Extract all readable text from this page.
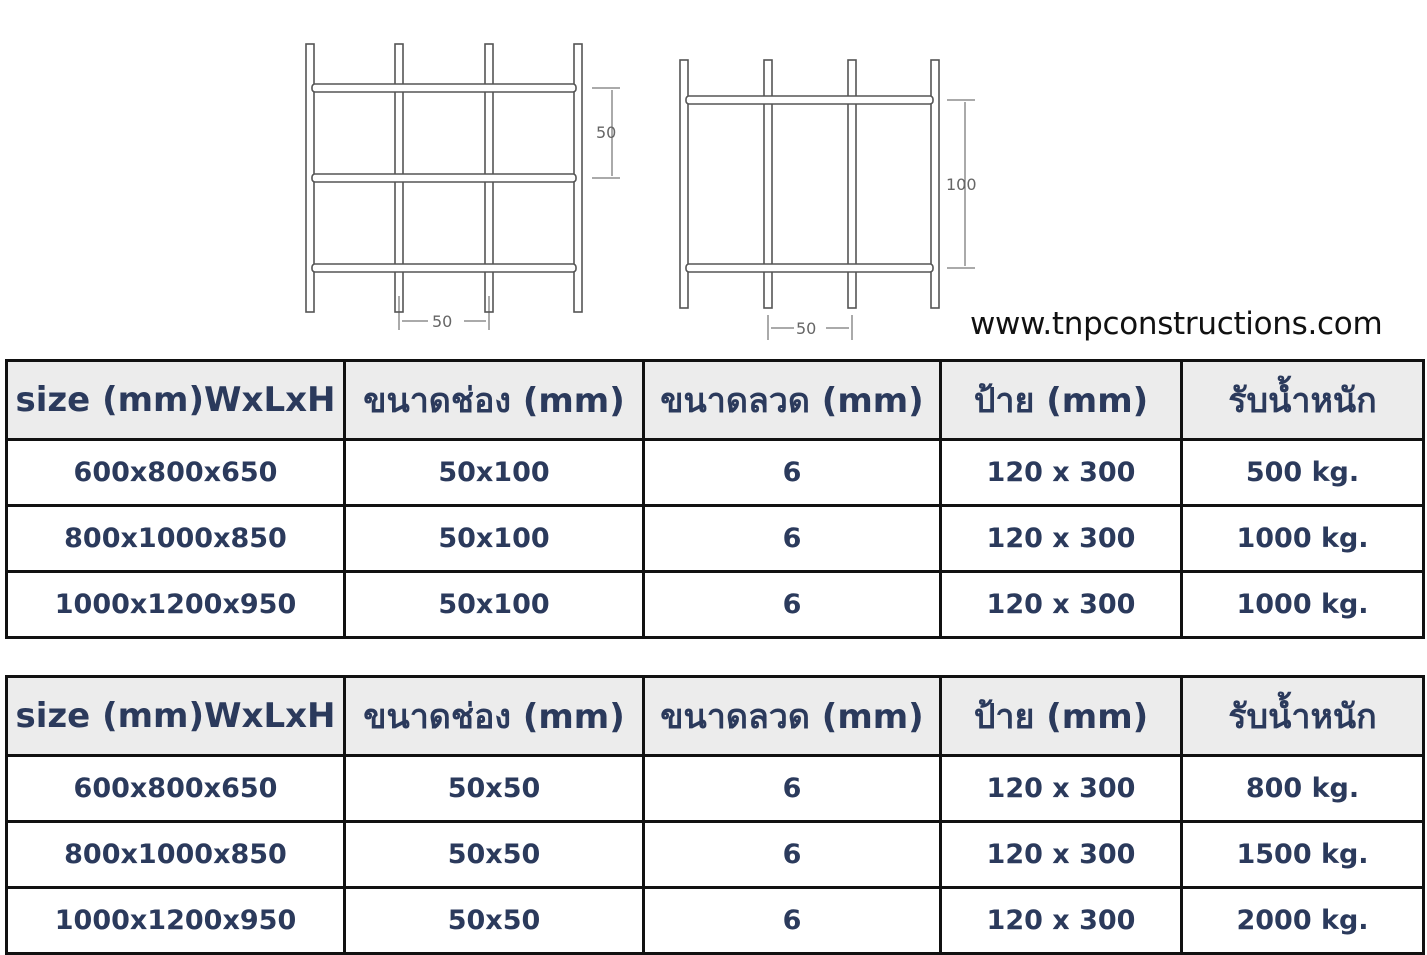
50
50
100
50	www.tnpconstructions.com
size (mm)WxLxH	ขนาดช่อง (mm)	ขนาดลวด (mm)	ป้าย (mm)	รับน้ำหนัก
600x800x650	50x100	6	120 x 300	500 kg.
800x1000x850	50x100	6	120 x 300	1000 kg.
1000x1200x950	50x100	6	120 x 300	1000 kg.
size (mm)WxLxH	ขนาดช่อง (mm)	ขนาดลวด (mm)	ป้าย (mm)	รับน้ำหนัก
600x800x650	50x50	6	120 x 300	800 kg.
800x1000x850	50x50	6	120 x 300	1500 kg.
1000x1200x950	50x50	6	120 x 300	2000 kg.
